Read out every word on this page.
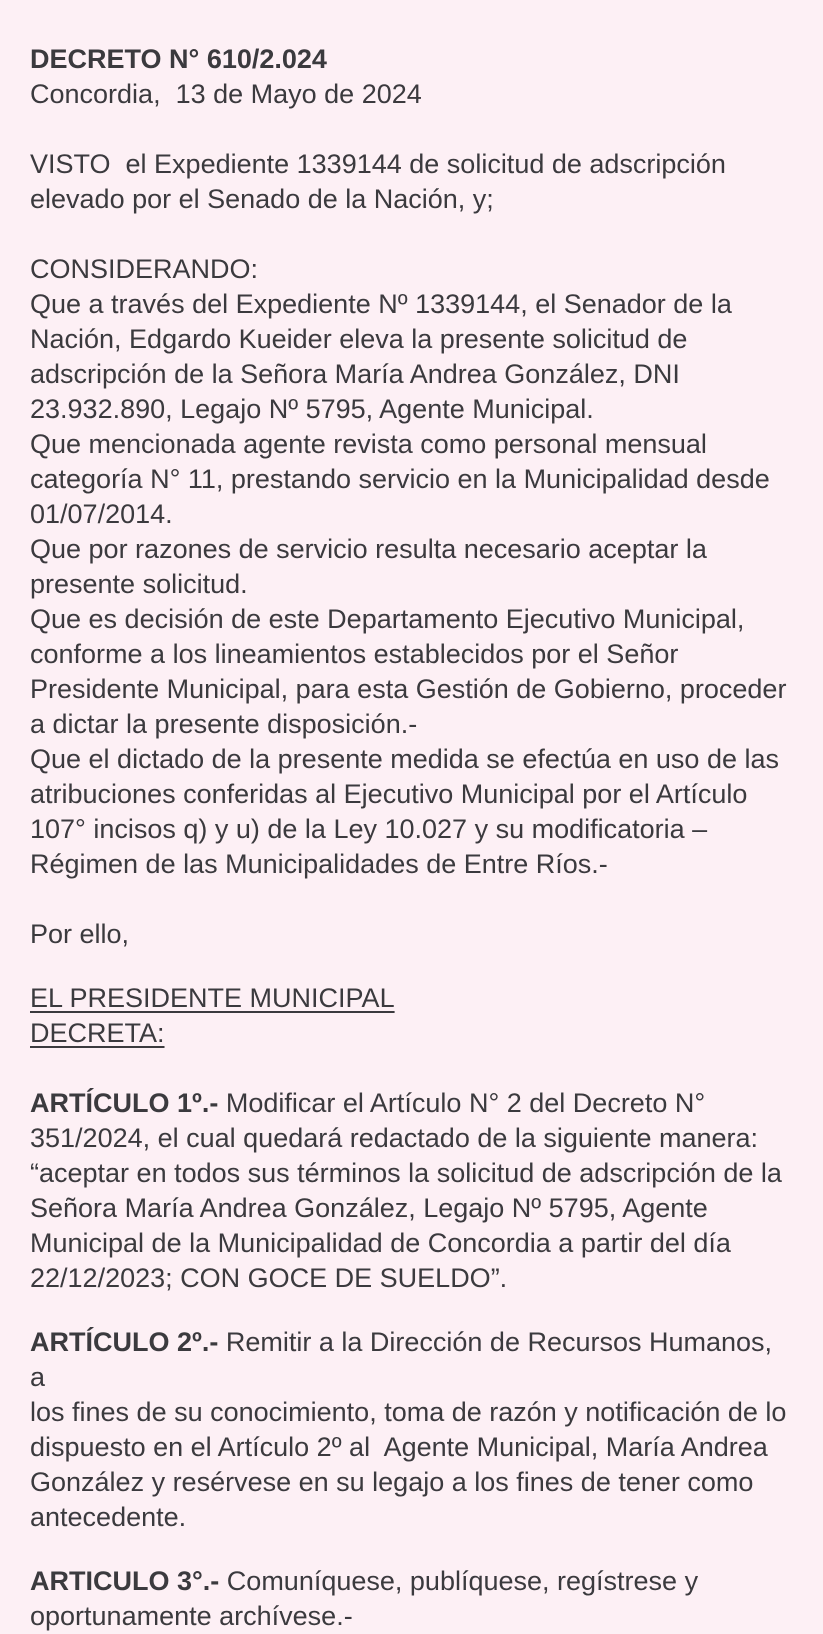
DECRETO N° 610/2.024
Concordia,  13 de Mayo de 2024
VISTO  el Expediente 1339144 de solicitud de adscripción
elevado por el Senado de la Nación, y;
CONSIDERANDO:
Que a través del Expediente Nº 1339144, el Senador de la
Nación, Edgardo Kueider eleva la presente solicitud de
adscripción de la Señora María Andrea González, DNI
23.932.890, Legajo Nº 5795, Agente Municipal.
Que mencionada agente revista como personal mensual
categoría N° 11, prestando servicio en la Municipalidad desde
01/07/2014.
Que por razones de servicio resulta necesario aceptar la
presente solicitud.
Que es decisión de este Departamento Ejecutivo Municipal,
conforme a los lineamientos establecidos por el Señor
Presidente Municipal, para esta Gestión de Gobierno, proceder
a dictar la presente disposición.-
Que el dictado de la presente medida se efectúa en uso de las
atribuciones conferidas al Ejecutivo Municipal por el Artículo
107° incisos q) y u) de la Ley 10.027 y su modificatoria –
Régimen de las Municipalidades de Entre Ríos.-
Por ello,
EL PRESIDENTE MUNICIPAL
DECRETA:
ARTÍCULO 1º.- Modificar el Artículo N° 2 del Decreto N°
351/2024, el cual quedará redactado de la siguiente manera:
“aceptar en todos sus términos la solicitud de adscripción de la
Señora María Andrea González, Legajo Nº 5795, Agente
Municipal de la Municipalidad de Concordia a partir del día
22/12/2023; CON GOCE DE SUELDO”.
ARTÍCULO 2º.- Remitir a la Dirección de Recursos Humanos, a
los fines de su conocimiento, toma de razón y notificación de lo
dispuesto en el Artículo 2º al  Agente Municipal, María Andrea
González y resérvese en su legajo a los fines de tener como
antecedente.
ARTICULO 3°.- Comuníquese, publíquese, regístrese y
oportunamente archívese.-
